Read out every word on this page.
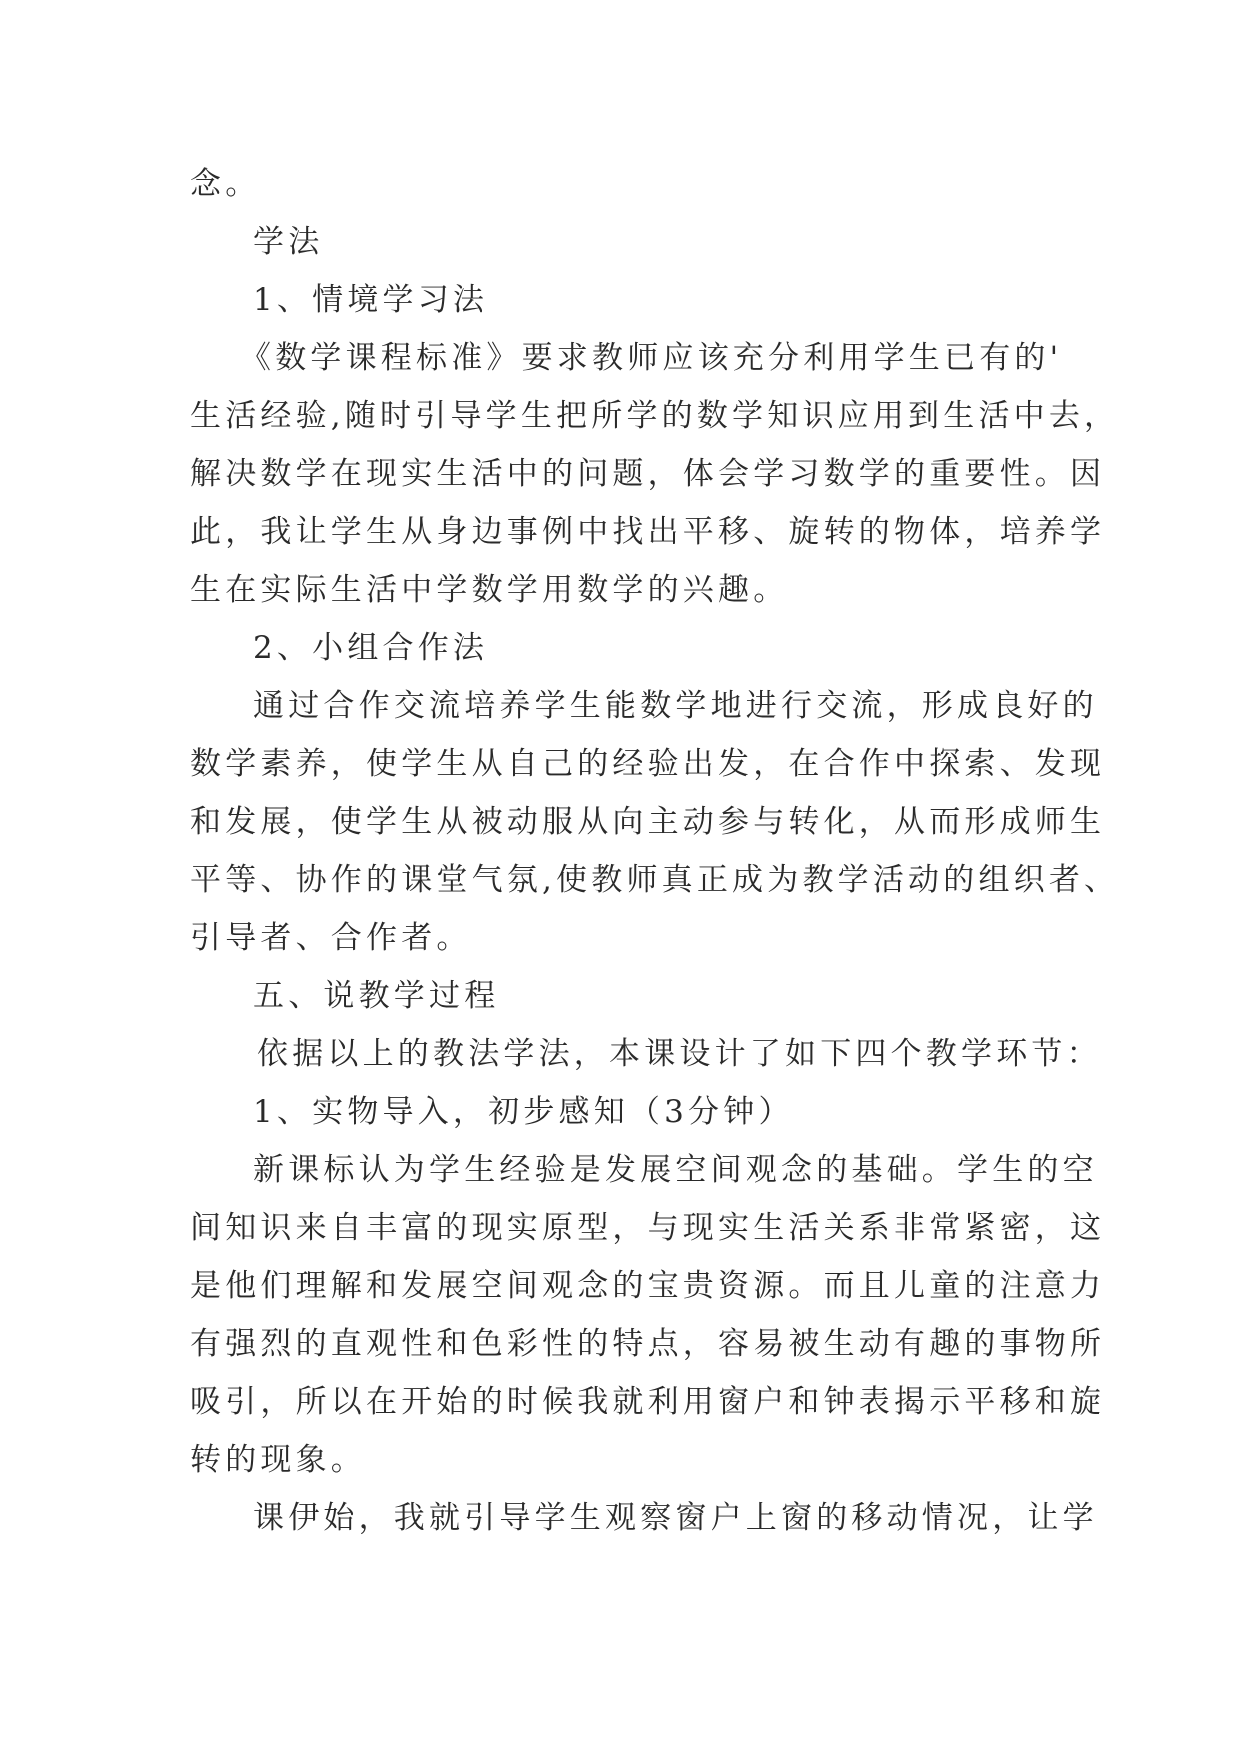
念。
学法
1、情境学习法
《数学课程标准》要求教师应该充分利用学生已有的'
生活经验,随时引导学生把所学的数学知识应用到生活中去，
解决数学在现实生活中的问题，体会学习数学的重要性。因
此，我让学生从身边事例中找出平移、旋转的物体，培养学
生在实际生活中学数学用数学的兴趣。
2、小组合作法
通过合作交流培养学生能数学地进行交流，形成良好的
数学素养，使学生从自己的经验出发，在合作中探索、发现
和发展，使学生从被动服从向主动参与转化，从而形成师生
平等、协作的课堂气氛,使教师真正成为教学活动的组织者、
引导者、合作者。
五、说教学过程
依据以上的教法学法，本课设计了如下四个教学环节：
1、实物导入，初步感知（3分钟）
新课标认为学生经验是发展空间观念的基础。学生的空
间知识来自丰富的现实原型，与现实生活关系非常紧密，这
是他们理解和发展空间观念的宝贵资源。而且儿童的注意力
有强烈的直观性和色彩性的特点，容易被生动有趣的事物所
吸引，所以在开始的时候我就利用窗户和钟表揭示平移和旋
转的现象。
课伊始，我就引导学生观察窗户上窗的移动情况，让学
